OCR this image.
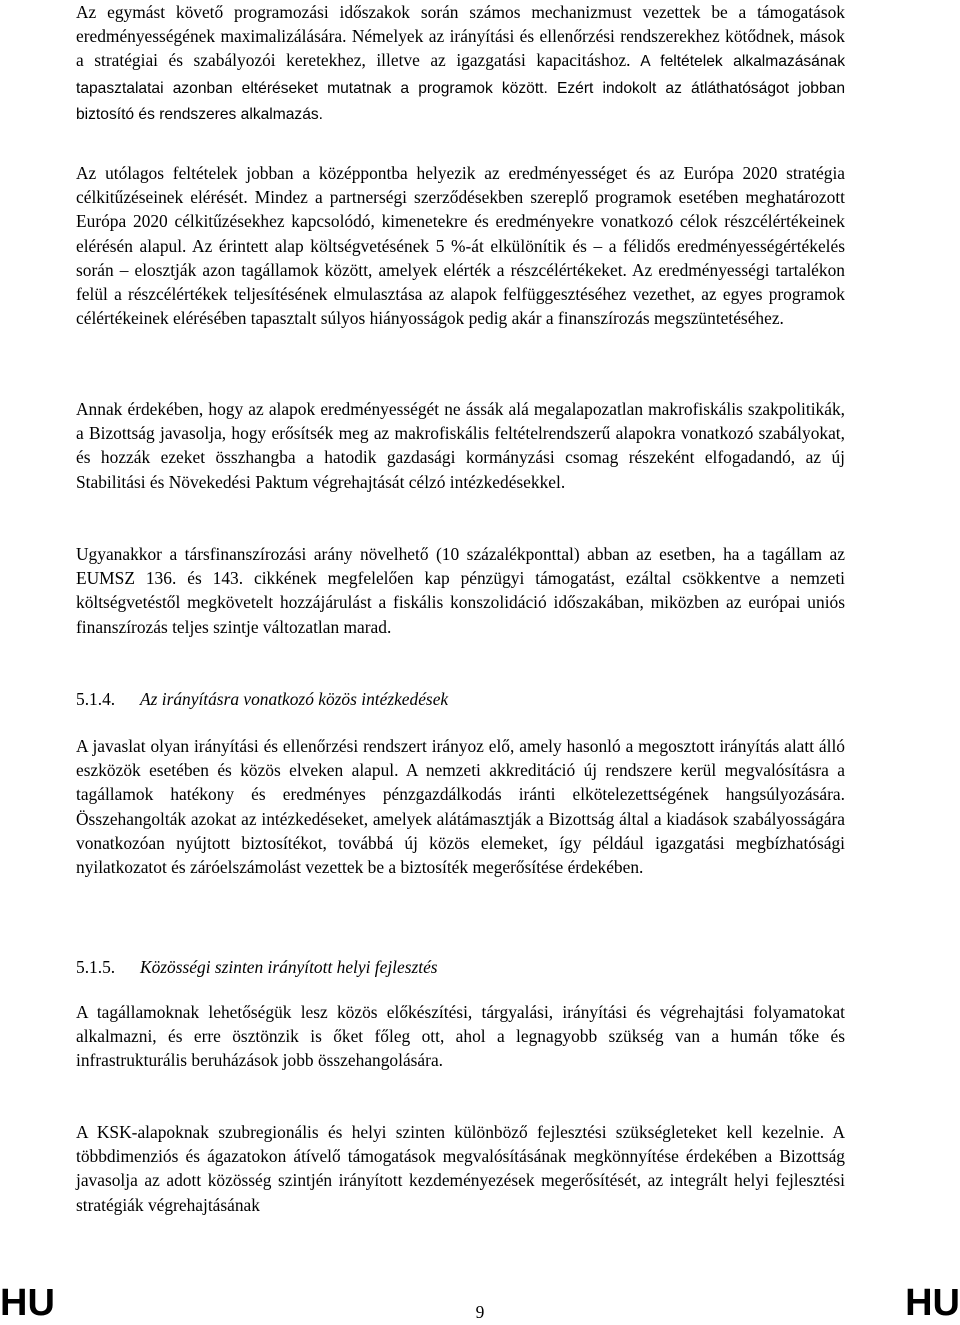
Az egymást követő programozási időszakok során számos mechanizmust vezettek be a támogatások eredményességének maximalizálására. Némelyek az irányítási és ellenőrzési rendszerekhez kötődnek, mások a stratégiai és szabályozói keretekhez, illetve az igazgatási kapacitáshoz. A feltételek alkalmazásának tapasztalatai azonban eltéréseket mutatnak a programok között. Ezért indokolt az átláthatóságot jobban biztosító és rendszeres alkalmazás.

Az utólagos feltételek jobban a középpontba helyezik az eredményességet és az Európa 2020 stratégia célkitűzéseinek elérését. Mindez a partnerségi szerződésekben szereplő programok esetében meghatározott Európa 2020 célkitűzésekhez kapcsolódó, kimenetekre és eredményekre vonatkozó célok részcélértékeinek elérésén alapul. Az érintett alap költségvetésének 5 %-át elkülönítik és – a félidős eredményességértékelés során – elosztják azon tagállamok között, amelyek elérték a részcélértékeket. Az eredményességi tartalékon felül a részcélértékek teljesítésének elmulasztása az alapok felfüggesztéséhez vezethet, az egyes programok célértékeinek elérésében tapasztalt súlyos hiányosságok pedig akár a finanszírozás megszüntetéséhez.

Annak érdekében, hogy az alapok eredményességét ne ássák alá megalapozatlan makrofiskális szakpolitikák, a Bizottság javasolja, hogy erősítsék meg az makrofiskális feltételrendszerű alapokra vonatkozó szabályokat, és hozzák ezeket összhangba a hatodik gazdasági kormányzási csomag részeként elfogadandó, az új Stabilitási és Növekedési Paktum végrehajtását célzó intézkedésekkel.

Ugyanakkor a társfinanszírozási arány növelhető (10 százalékponttal) abban az esetben, ha a tagállam az EUMSZ 136. és 143. cikkének megfelelően kap pénzügyi támogatást, ezáltal csökkentve a nemzeti költségvetéstől megkövetelt hozzájárulást a fiskális konszolidáció időszakában, miközben az európai uniós finanszírozás teljes szintje változatlan marad.

5.1.4. Az irányításra vonatkozó közös intézkedések

A javaslat olyan irányítási és ellenőrzési rendszert irányoz elő, amely hasonló a megosztott irányítás alatt álló eszközök esetében és közös elveken alapul. A nemzeti akkreditáció új rendszere kerül megvalósításra a tagállamok hatékony és eredményes pénzgazdálkodás iránti elkötelezettségének hangsúlyozására. Összehangolták azokat az intézkedéseket, amelyek alátámasztják a Bizottság által a kiadások szabályosságára vonatkozóan nyújtott biztosítékot, továbbá új közös elemeket, így például igazgatási megbízhatósági nyilatkozatot és záróelszámolást vezettek be a biztosíték megerősítése érdekében.

5.1.5. Közösségi szinten irányított helyi fejlesztés

A tagállamoknak lehetőségük lesz közös előkészítési, tárgyalási, irányítási és végrehajtási folyamatokat alkalmazni, és erre ösztönzik is őket főleg ott, ahol a legnagyobb szükség van a humán tőke és infrastrukturális beruházások jobb összehangolására.

A KSK-alapoknak szubregionális és helyi szinten különböző fejlesztési szükségleteket kell kezelnie. A többdimenziós és ágazatokon átívelő támogatások megvalósításának megkönnyítése érdekében a Bizottság javasolja az adott közösség szintjén irányított kezdeményezések megerősítését, az integrált helyi fejlesztési stratégiák végrehajtásának

HU	9	HU
